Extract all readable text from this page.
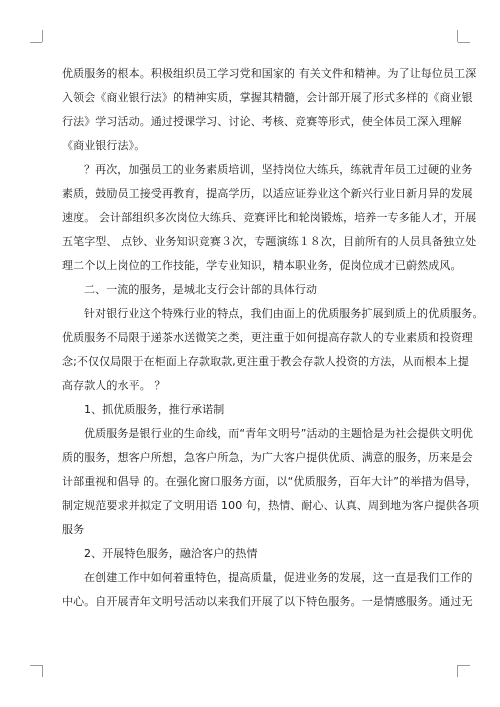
优质服务的根本。积极组织员工学习党和国家的 有关文件和精神。为了让每位员工深
入领会《商业银行法》的精神实质，掌握其精髓，会计部开展了形式多样的《商业银
行法》学习活动。通过授课学习、讨论、考核、竞赛等形式，使全体员工深入理解
《商业银行法》。
？再次，加强员工的业务素质培训，坚持岗位大练兵，练就青年员工过硬的业务
素质，鼓励员工接受再教育，提高学历，以适应证券业这个新兴行业日新月异的发展
速度。 会计部组织多次岗位大练兵、竞赛评比和轮岗锻炼，培养一专多能人才，开展
五笔字型、 点钞、业务知识竞赛３次，专题演练１８次，目前所有的人员具备独立处
理二个以上岗位的工作技能，学专业知识，精本职业务，促岗位成才已蔚然成风。
二、一流的服务，是城北支行会计部的具体行动
针对银行业这个特殊行业的特点，我们由面上的优质服务扩展到质上的优质服务。
优质服务不局限于递茶水送微笑之类，更注重于如何提高存款人的专业素质和投资理
念;不仅仅局限于在柜面上存款取款,更注重于教会存款人投资的方法，从而根本上提
高存款人的水平。 ？
1、抓优质服务，推行承诺制
优质服务是银行业的生命线，而“青年文明号”活动的主题恰是为社会提供文明优
质的服务，想客户所想，急客户所急，为广大客户提供优质、满意的服务，历来是会
计部重视和倡导 的。在强化窗口服务方面，以“优质服务，百年大计”的举措为倡导，
制定规范要求并拟定了文明用语 100 句，热情、耐心、认真、周到地为客户提供各项
服务
2、开展特色服务，融洽客户的热情
在创建工作中如何着重特色，提高质量，促进业务的发展，这一直是我们工作的
中心。自开展青年文明号活动以来我们开展了以下特色服务。一是情感服务。通过无
